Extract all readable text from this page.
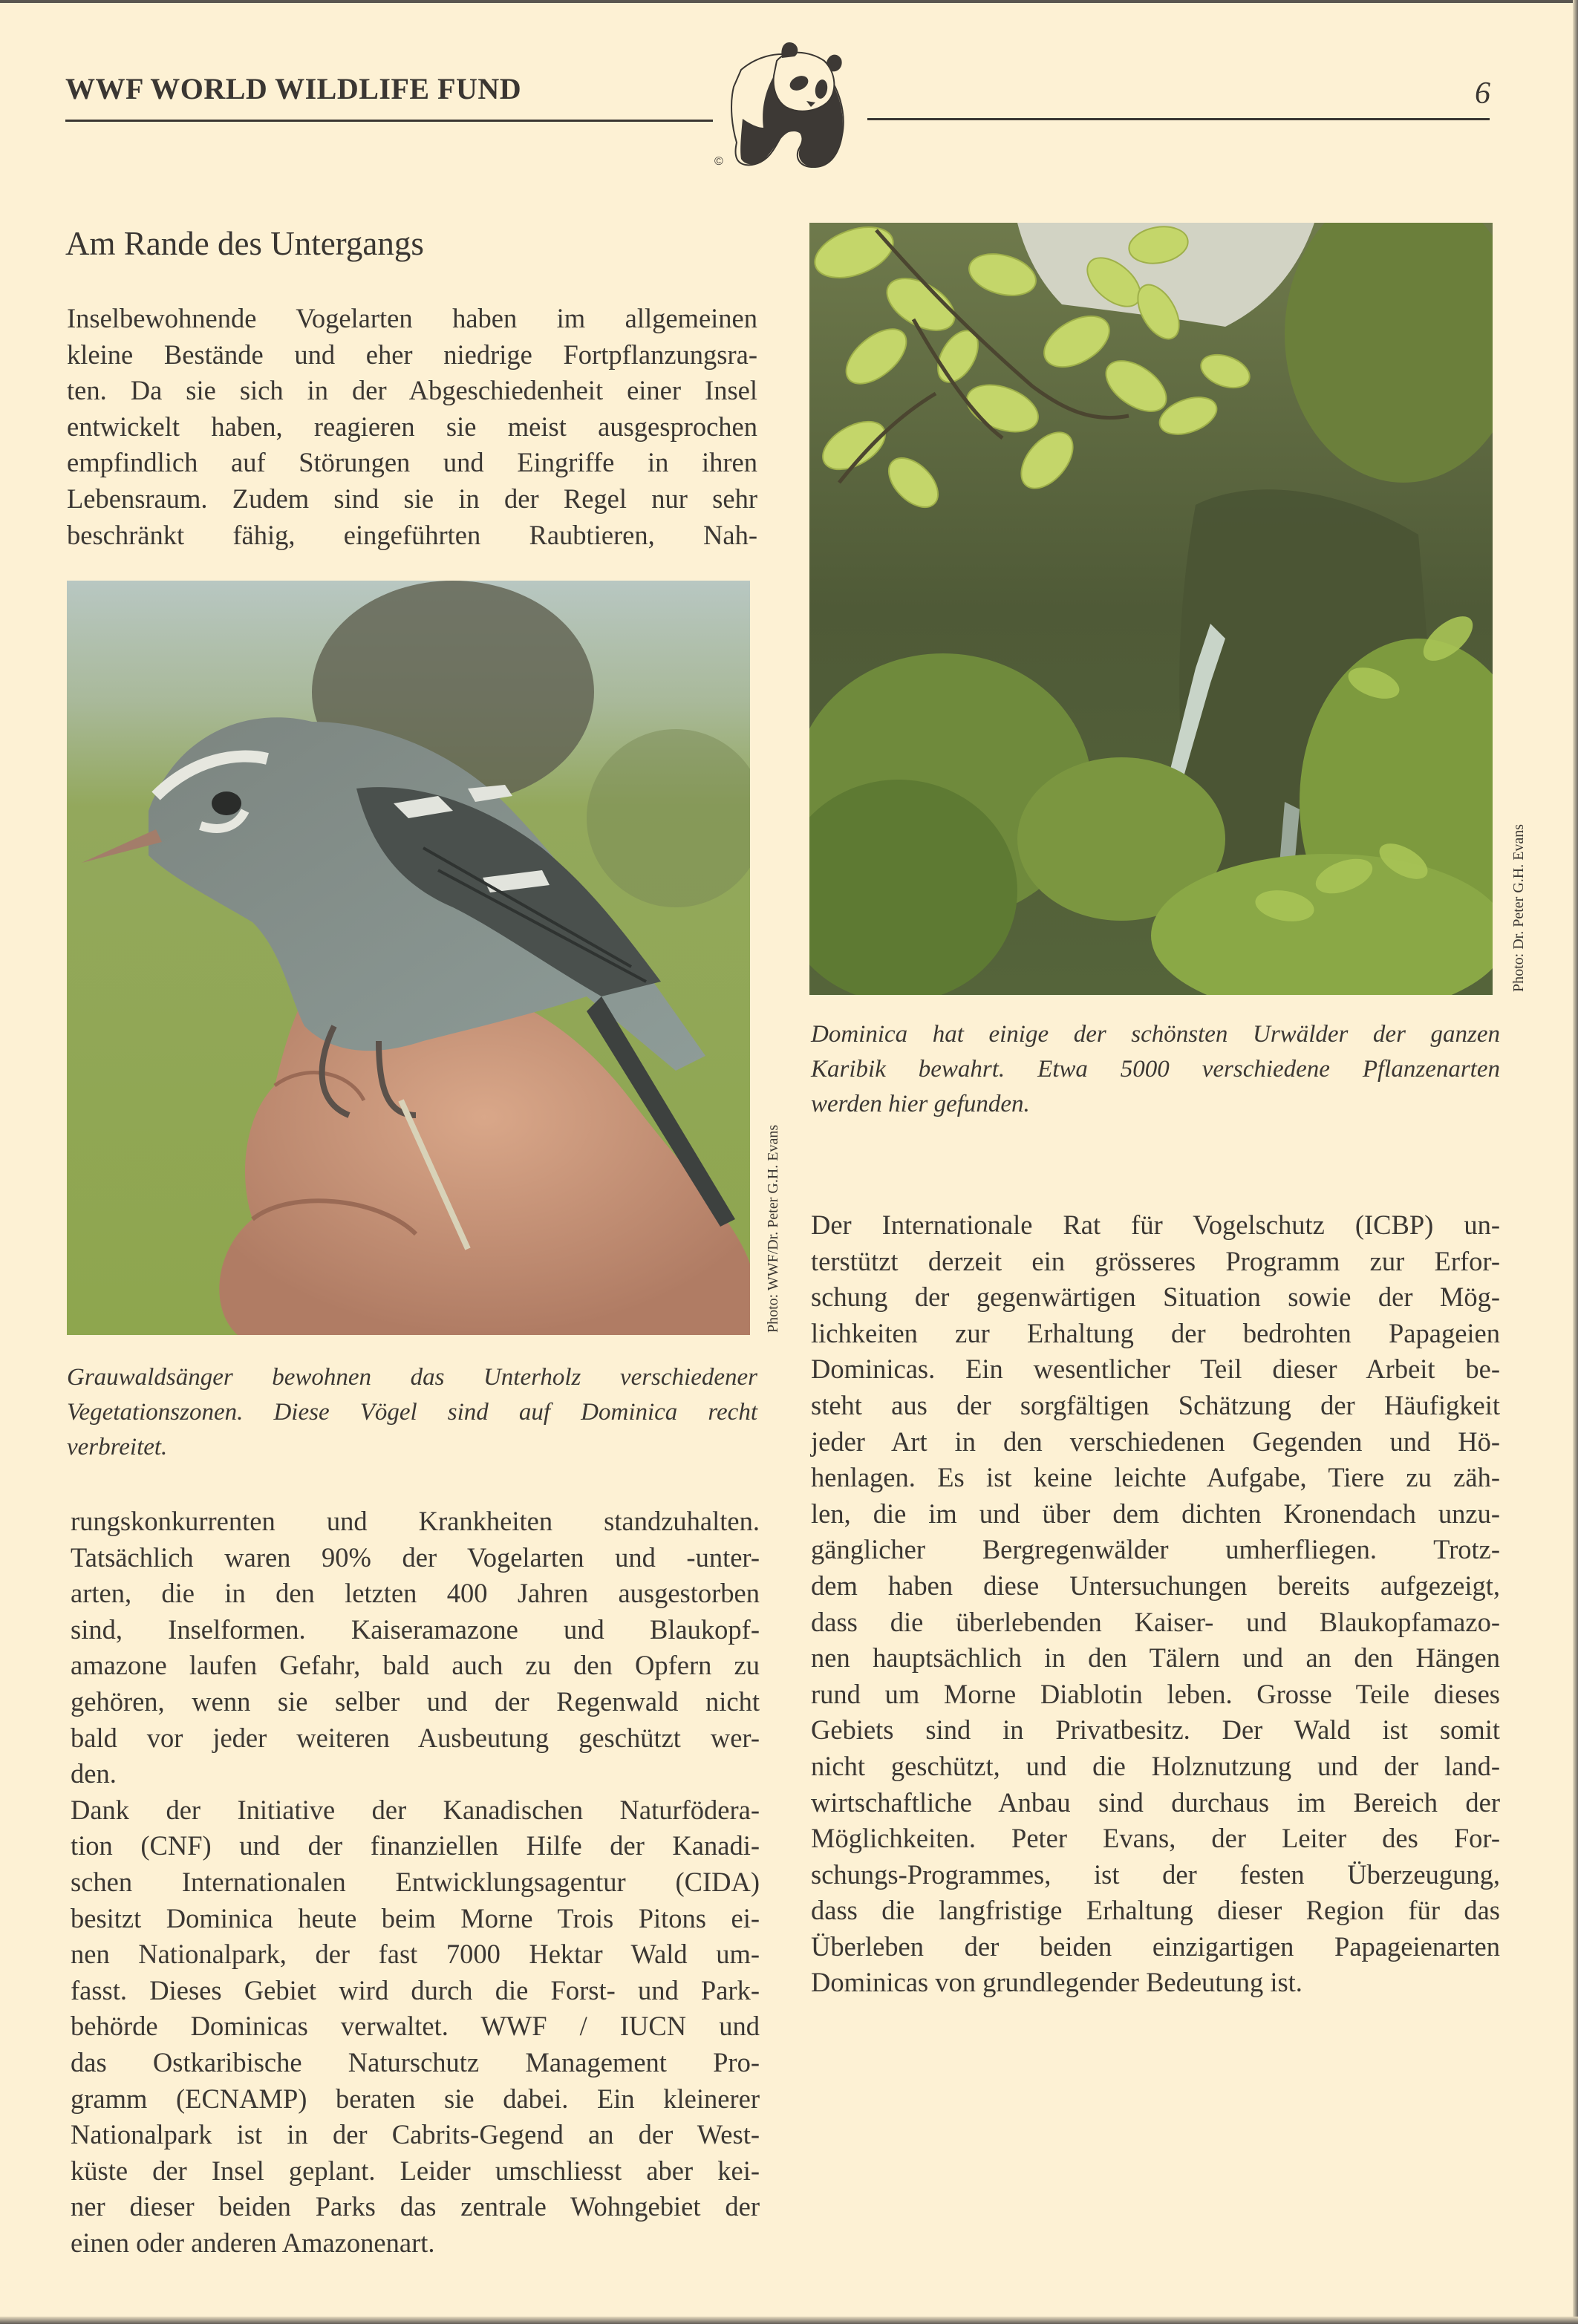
WWF WORLD WILDLIFE FUND	6
©
Am Rande des Untergangs
Inselbewohnende Vogelarten haben im allgemeinen
kleine Bestände und eher niedrige Fortpflanzungsra-
ten. Da sie sich in der Abgeschiedenheit einer Insel
entwickelt haben, reagieren sie meist ausgesprochen
empfindlich auf Störungen und Eingriffe in ihren
Lebensraum. Zudem sind sie in der Regel nur sehr
beschränkt fähig, eingeführten Raubtieren, Nah-
Photo: WWF/Dr. Peter G.H. Evans
Grauwaldsänger bewohnen das Unterholz verschiedener
Vegetationszonen. Diese Vögel sind auf Dominica recht
verbreitet.
rungskonkurrenten und Krankheiten standzuhalten.
Tatsächlich waren 90% der Vogelarten und -unter-
arten, die in den letzten 400 Jahren ausgestorben
sind, Inselformen. Kaiseramazone und Blaukopf-
amazone laufen Gefahr, bald auch zu den Opfern zu
gehören, wenn sie selber und der Regenwald nicht
bald vor jeder weiteren Ausbeutung geschützt wer-
den.
Dank der Initiative der Kanadischen Naturfödera-
tion (CNF) und der finanziellen Hilfe der Kanadi-
schen Internationalen Entwicklungsagentur (CIDA)
besitzt Dominica heute beim Morne Trois Pitons ei-
nen Nationalpark, der fast 7000 Hektar Wald um-
fasst. Dieses Gebiet wird durch die Forst- und Park-
behörde Dominicas verwaltet. WWF / IUCN und
das Ostkaribische Naturschutz Management Pro-
gramm (ECNAMP) beraten sie dabei. Ein kleinerer
Nationalpark ist in der Cabrits-Gegend an der West-
küste der Insel geplant. Leider umschliesst aber kei-
ner dieser beiden Parks das zentrale Wohngebiet der
einen oder anderen Amazonenart.
Photo: Dr. Peter G.H. Evans
Dominica hat einige der schönsten Urwälder der ganzen
Karibik bewahrt. Etwa 5000 verschiedene Pflanzenarten
werden hier gefunden.
Der Internationale Rat für Vogelschutz (ICBP) un-
terstützt derzeit ein grösseres Programm zur Erfor-
schung der gegenwärtigen Situation sowie der Mög-
lichkeiten zur Erhaltung der bedrohten Papageien
Dominicas. Ein wesentlicher Teil dieser Arbeit be-
steht aus der sorgfältigen Schätzung der Häufigkeit
jeder Art in den verschiedenen Gegenden und Hö-
henlagen. Es ist keine leichte Aufgabe, Tiere zu zäh-
len, die im und über dem dichten Kronendach unzu-
gänglicher Bergregenwälder umherfliegen. Trotz-
dem haben diese Untersuchungen bereits aufgezeigt,
dass die überlebenden Kaiser- und Blaukopfamazo-
nen hauptsächlich in den Tälern und an den Hängen
rund um Morne Diablotin leben. Grosse Teile dieses
Gebiets sind in Privatbesitz. Der Wald ist somit
nicht geschützt, und die Holznutzung und der land-
wirtschaftliche Anbau sind durchaus im Bereich der
Möglichkeiten. Peter Evans, der Leiter des For-
schungs-Programmes, ist der festen Überzeugung,
dass die langfristige Erhaltung dieser Region für das
Überleben der beiden einzigartigen Papageienarten
Dominicas von grundlegender Bedeutung ist.
